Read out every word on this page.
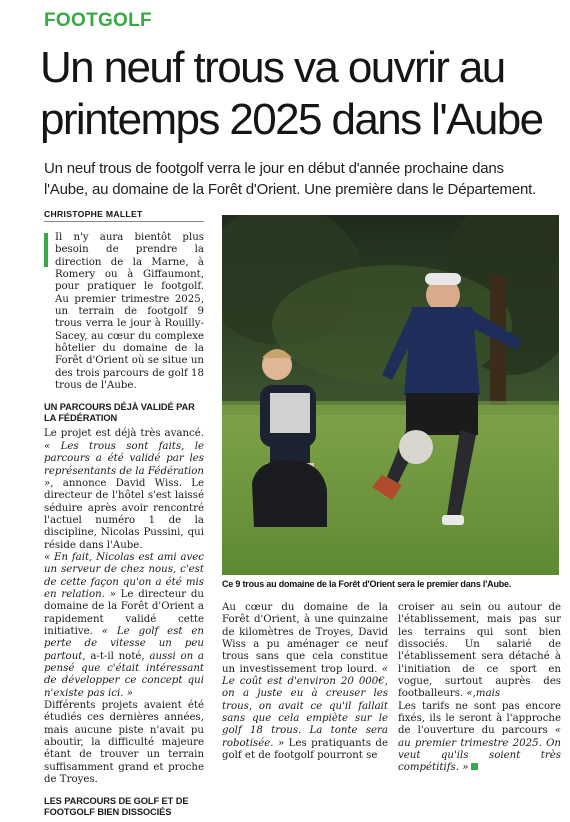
FOOTGOLF
Un neuf trous va ouvrir au printemps 2025 dans l'Aube

Un neuf trous de footgolf verra le jour en début d'année prochaine dans l'Aube, au domaine de la Forêt d'Orient. Une première dans le Département.

CHRISTOPHE MALLET

Il n'y aura bientôt plus besoin de prendre la direction de la Marne, à Romery ou à Giffaumont, pour pratiquer le footgolf. Au premier trimestre 2025, un terrain de footgolf 9 trous verra le jour à Rouilly-Sacey, au cœur du complexe hôtelier du domaine de la Forêt d'Orient où se situe un des trois parcours de golf 18 trous de l'Aube.

UN PARCOURS DÉJÀ VALIDÉ PAR LA FÉDÉRATION

Le projet est déjà très avancé. « Les trous sont faits, le parcours a été validé par les représentants de la Fédération », annonce David Wiss. Le directeur de l'hôtel s'est laissé séduire après avoir rencontré l'actuel numéro 1 de la discipline, Nicolas Pussini, qui réside dans l'Aube.

« En fait, Nicolas est ami avec un serveur de chez nous, c'est de cette façon qu'on a été mis en relation. » Le directeur du domaine de la Forêt d'Orient a rapidement validé cette initiative. « Le golf est en perte de vitesse un peu partout, a-t-il noté, aussi on a pensé que c'était intéressant de développer ce concept qui n'existe pas ici. »

Différents projets avaient été étudiés ces dernières années, mais aucune piste n'avait pu aboutir, la difficulté majeure étant de trouver un terrain suffisamment grand et proche de Troyes.

LES PARCOURS DE GOLF ET DE FOOTGOLF BIEN DISSOCIÉS

Au cœur du domaine de la Forêt d'Orient, à une quinzaine de kilomètres de Troyes, David Wiss a pu aménager ce neuf trous sans que cela constitue un investissement trop lourd. « Le coût est d'environ 20 000€, on a juste eu à creuser les trous, on avait ce qu'il fallait sans que cela empiète sur le golf 18 trous. La tonte sera robotisée. » Les pratiquants de golf et de footgolf pourront se

croiser au sein ou autour de l'établissement, mais pas sur les terrains qui sont bien dissociés. Un salarié de l'établissement sera détaché à l'initiation de ce sport en vogue, surtout auprès des footballeurs. «,mais

Les tarifs ne sont pas encore fixés, ils le seront à l'approche de l'ouverture du parcours « au premier trimestre 2025. On veut qu'ils soient très compétitifs. »

Ce 9 trous au domaine de la Forêt d'Orient sera le premier dans l'Aube.
